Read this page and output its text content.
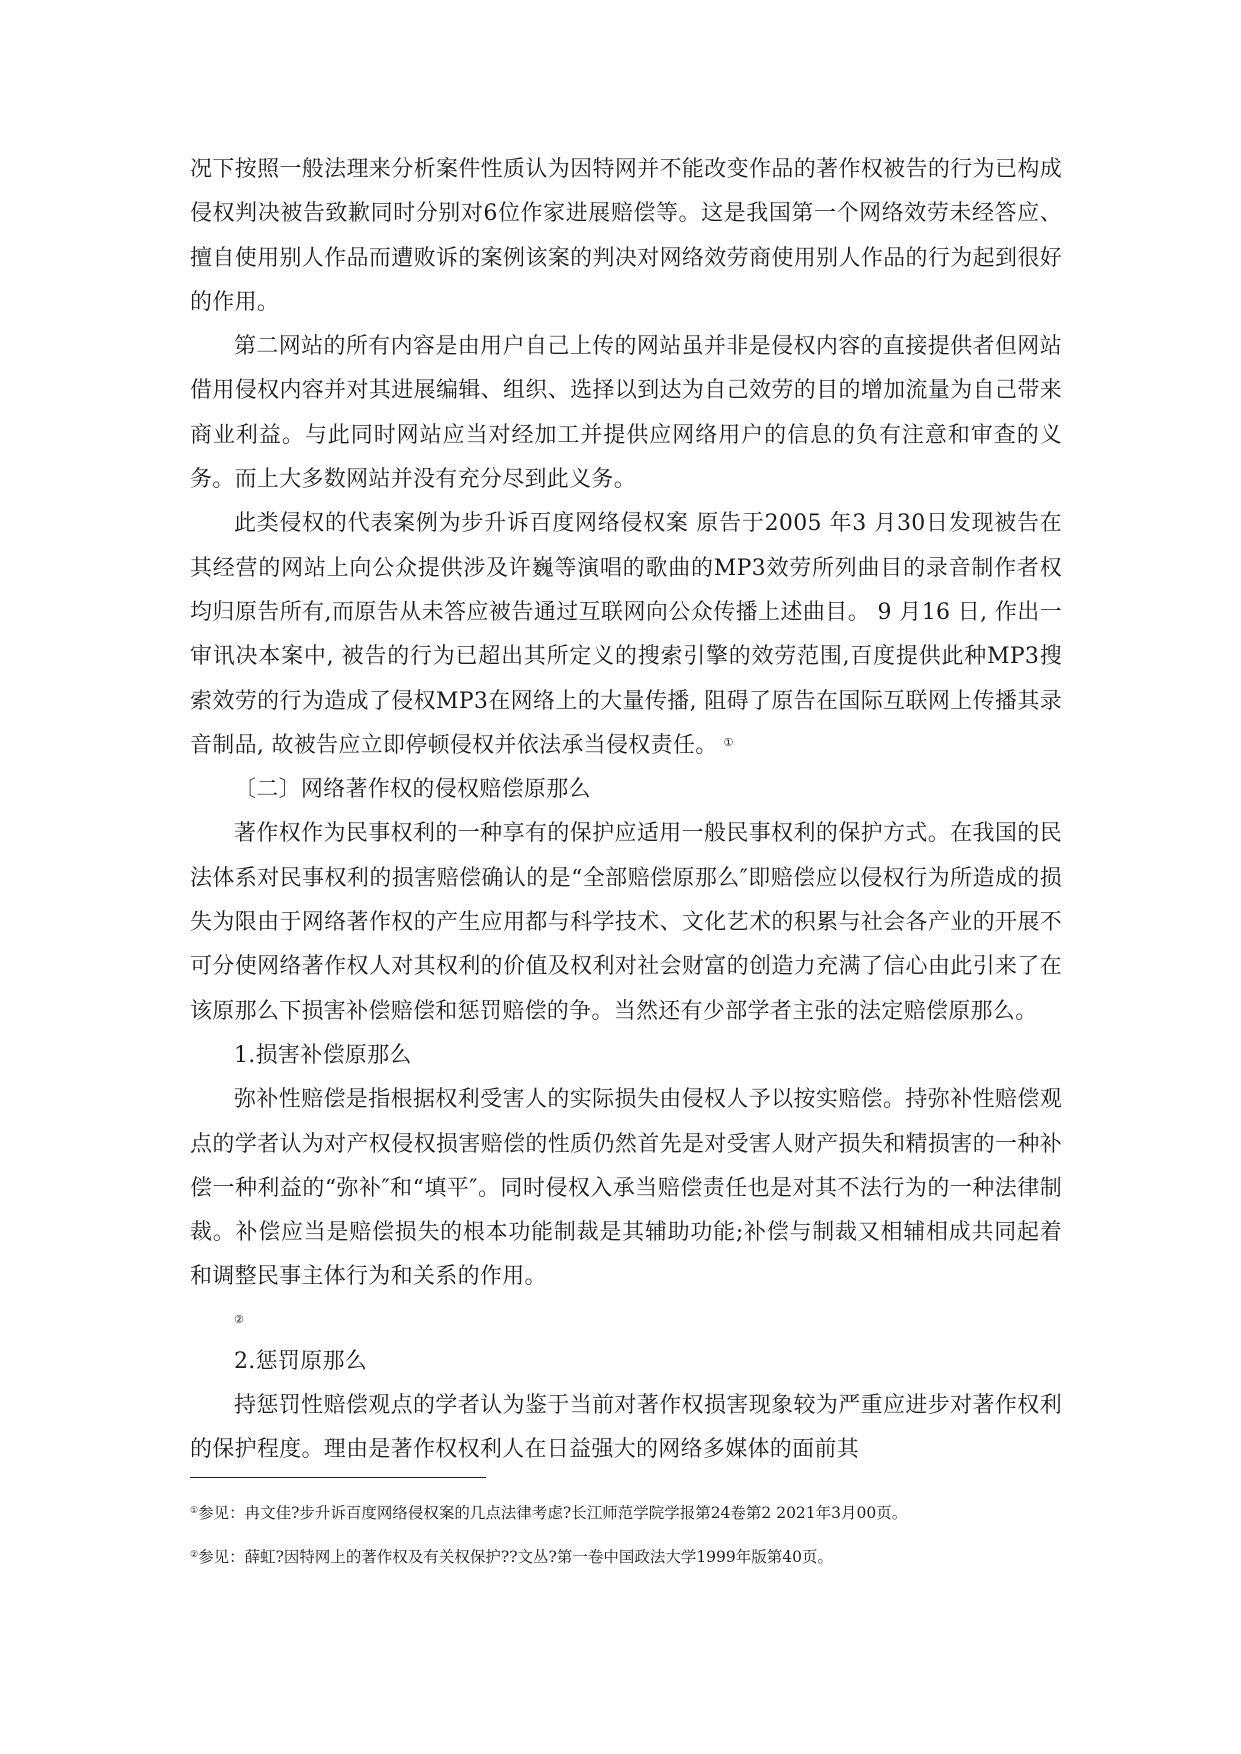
况下按照一般法理来分析案件性质认为因特网并不能改变作品的著作权被告的行为已构成侵权判决被告致歉同时分别对6位作家进展赔偿等。这是我国第一个网络效劳未经答应、擅自使用别人作品而遭败诉的案例该案的判决对网络效劳商使用别人作品的行为起到很好的作用。

第二网站的所有内容是由用户自己上传的网站虽并非是侵权内容的直接提供者但网站借用侵权内容并对其进展编辑、组织、选择以到达为自己效劳的目的增加流量为自己带来商业利益。与此同时网站应当对经加工并提供应网络用户的信息的负有注意和审查的义务。而上大多数网站并没有充分尽到此义务。

此类侵权的代表案例为步升诉百度网络侵权案 原告于2005 年3 月30日发现被告在其经营的网站上向公众提供涉及许巍等演唱的歌曲的MP3效劳所列曲目的录音制作者权均归原告所有,而原告从未答应被告通过互联网向公众传播上述曲目。 9 月16 日, 作出一审讯决本案中, 被告的行为已超出其所定义的搜索引擎的效劳范围,百度提供此种MP3搜索效劳的行为造成了侵权MP3在网络上的大量传播, 阻碍了原告在国际互联网上传播其录音制品, 故被告应立即停顿侵权并依法承当侵权责任。 ①

〔二〕网络著作权的侵权赔偿原那么

著作权作为民事权利的一种享有的保护应适用一般民事权利的保护方式。在我国的民法体系对民事权利的损害赔偿确认的是“全部赔偿原那么″即赔偿应以侵权行为所造成的损失为限由于网络著作权的产生应用都与科学技术、文化艺术的积累与社会各产业的开展不可分使网络著作权人对其权利的价值及权利对社会财富的创造力充满了信心由此引来了在该原那么下损害补偿赔偿和惩罚赔偿的争。当然还有少部学者主张的法定赔偿原那么。

1.损害补偿原那么

弥补性赔偿是指根据权利受害人的实际损失由侵权人予以按实赔偿。持弥补性赔偿观点的学者认为对产权侵权损害赔偿的性质仍然首先是对受害人财产损失和精损害的一种补偿一种利益的“弥补″和“填平″。同时侵权入承当赔偿责任也是对其不法行为的一种法律制裁。补偿应当是赔偿损失的根本功能制裁是其辅助功能;补偿与制裁又相辅相成共同起着和调整民事主体行为和关系的作用。
②

2.惩罚原那么

持惩罚性赔偿观点的学者认为鉴于当前对著作权损害现象较为严重应进步对著作权利的保护程度。理由是著作权权利人在日益强大的网络多媒体的面前其

①参见：冉文佳?步升诉百度网络侵权案的几点法律考虑?长江师范学院学报第24卷第2 2021年3月00页。

②参见：薛虹?因特网上的著作权及有关权保护??文丛?第一卷中国政法大学1999年版第40页。
